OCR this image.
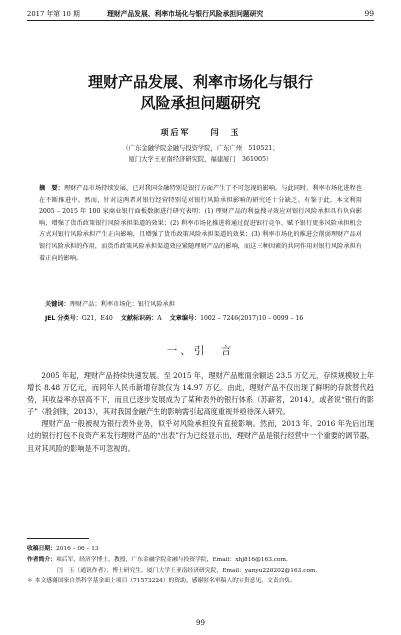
2017 年第 10 期	理财产品发展、利率市场化与银行风险承担问题研究	99
理财产品发展、利率市场化与银行
风险承担问题研究
项后军　　闫　玉
（广东金融学院金融与投资学院，广东广州　510521；
厦门大学王亚南经济研究院，福建厦门　361005）
摘　要：理财产品市场持续发展，已对我国金融特别是银行方面产生了不可忽视的影响。与此同时，利率市场化进程也在不断推进中。然而，针对这两者对银行经营特别是对银行风险承担影响的研究还十分缺乏。有鉴于此，本文利用 2005 – 2015 年 100 家商业银行面板数据进行研究表明：(1) 理财产品的利益搜寻效应对银行风险承担具有负向影响，增强了货币政策银行风险承担渠道的效果；(2) 利率市场化推进将通过促进银行竞争、赋予银行更多风险承担机会方式对银行风险承担产生正向影响，且增强了货币政策风险承担渠道的效果；(3) 利率市场化的推进会削弱理财产品对银行风险承担的作用，而货币政策风险承担渠道效应紧随理财产品的影响，而这三种因素的共同作用对银行风险承担有着正向的影响。
关键词：理财产品；利率市场化；银行风险承担
JEL 分类号：G21，E40 文献标识码：A 文章编号：1002 – 7246(2017)10 – 0099 – 16
一、引　言

2005 年起，理财产品持续快速发展。至 2015 年，理财产品账面余额达 23.5 万亿元，存续规模较上年增长 8.48 万亿元，而同年人民币新增存款仅为 14.97 万亿。由此，理财产品不仅出现了鲜明的存款替代趋势，其收益率亦居高不下，而且已逐步发展成为了某种表外的银行体系（苏薪茗，2014），或者说“银行的影子”（殷剑锋，2013），其对我国金融产生的影响需引起高度重视并亟待深入研究。

理财产品一般被视为银行表外业务，似乎对风险承担没有直接影响。然而，2013 年、2016 年先后出现过的银行打包不良资产来发行理财产品的“出表”行为已经显示出，理财产品是银行经营中一个重要的调节器，且对其风险的影响是不可忽视的。

收稿日期：2016 – 06 – 13
作者简介：项后军，经济学博士，教授，广东金融学院金融与投资学院，Email：xhj816@163.com.
闫　玉（通讯作者），博士研究生，厦门大学王亚南经济研究院，Email：yanyu220202@163.com.
＊ 本文感谢国家自然科学基金面上项目（71573224）的资助。感谢匿名审稿人的宝贵意见。文责自负。
99
